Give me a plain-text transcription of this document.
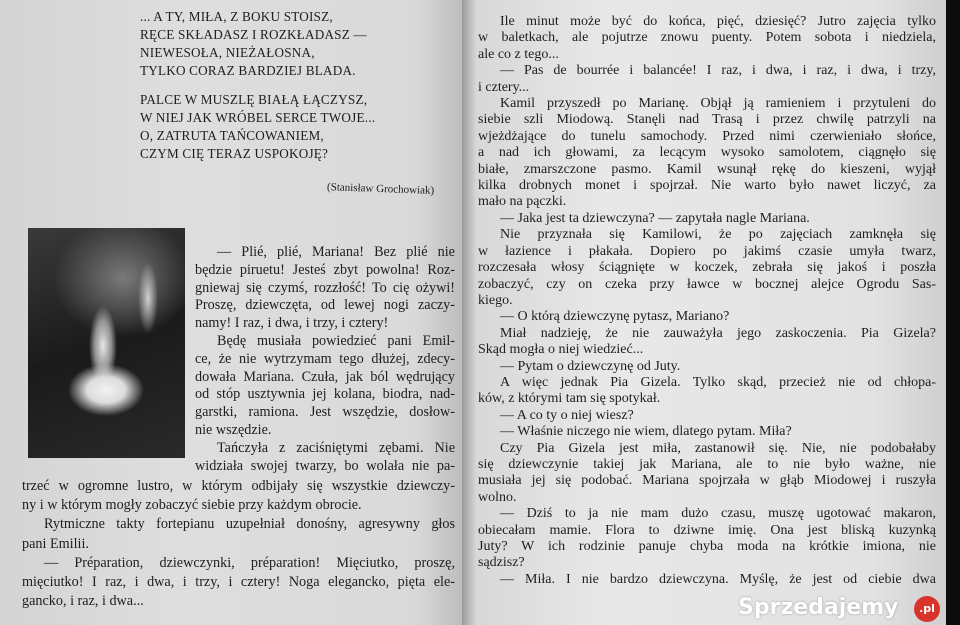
... A TY, MIŁA, Z BOKU STOISZ,
RĘCE SKŁADASZ I ROZKŁADASZ —
NIEWESOŁA, NIEŻAŁOSNA,
TYLKO CORAZ BARDZIEJ BLADA.
PALCE W MUSZLĘ BIAŁĄ ŁĄCZYSZ,
W NIEJ JAK WRÓBEL SERCE TWOJE...
O, ZATRUTA TAŃCOWANIEM,
CZYM CIĘ TERAZ USPOKOJĘ?
(Stanisław Grochowiak)
— Plié, plié, Mariana! Bez plié nie
będzie piruetu! Jesteś zbyt powolna! Roz-
gniewaj się czymś, rozzłość! To cię ożywi!
Proszę, dziewczęta, od lewej nogi zaczy-
namy! I raz, i dwa, i trzy, i cztery!
Będę musiała powiedzieć pani Emil-
ce, że nie wytrzymam tego dłużej, zdecy-
dowała Mariana. Czuła, jak ból wędrujący
od stóp usztywnia jej kolana, biodra, nad-
garstki, ramiona. Jest wszędzie, dosłow-
nie wszędzie.
Tańczyła z zaciśniętymi zębami. Nie
widziała swojej twarzy, bo wolała nie pa-
trzeć w ogromne lustro, w którym odbijały się wszystkie dziewczy-
ny i w którym mogły zobaczyć siebie przy każdym obrocie.
Rytmiczne takty fortepianu uzupełniał donośny, agresywny głos
pani Emilii.
— Préparation, dziewczynki, préparation! Mięciutko, proszę,
mięciutko! I raz, i dwa, i trzy, i cztery! Noga elegancko, pięta ele-
gancko, i raz, i dwa...
Ile minut może być do końca, pięć, dziesięć? Jutro zajęcia tylko
w baletkach, ale pojutrze znowu puenty. Potem sobota i niedziela,
ale co z tego...
— Pas de bourrée i balancée! I raz, i dwa, i raz, i dwa, i trzy,
i cztery...
Kamil przyszedł po Marianę. Objął ją ramieniem i przytuleni do
siebie szli Miodową. Stanęli nad Trasą i przez chwilę patrzyli na
wjeżdżające do tunelu samochody. Przed nimi czerwieniało słońce,
a nad ich głowami, za lecącym wysoko samolotem, ciągnęło się
białe, zmarszczone pasmo. Kamil wsunął rękę do kieszeni, wyjął
kilka drobnych monet i spojrzał. Nie warto było nawet liczyć, za
mało na pączki.
— Jaka jest ta dziewczyna? — zapytała nagle Mariana.
Nie przyznała się Kamilowi, że po zajęciach zamknęła się
w łazience i płakała. Dopiero po jakimś czasie umyła twarz,
rozczesała włosy ściągnięte w koczek, zebrała się jakoś i poszła
zobaczyć, czy on czeka przy ławce w bocznej alejce Ogrodu Sas-
kiego.
— O którą dziewczynę pytasz, Mariano?
Miał nadzieję, że nie zauważyła jego zaskoczenia. Pia Gizela?
Skąd mogła o niej wiedzieć...
— Pytam o dziewczynę od Juty.
A więc jednak Pia Gizela. Tylko skąd, przecież nie od chłopa-
ków, z którymi tam się spotykał.
— A co ty o niej wiesz?
— Właśnie niczego nie wiem, dlatego pytam. Miła?
Czy Pia Gizela jest miła, zastanowił się. Nie, nie podobałaby
się dziewczynie takiej jak Mariana, ale to nie było ważne, nie
musiała jej się podobać. Mariana spojrzała w głąb Miodowej i ruszyła
wolno.
— Dziś to ja nie mam dużo czasu, muszę ugotować makaron,
obiecałam mamie. Flora to dziwne imię. Ona jest bliską kuzynką
Juty? W ich rodzinie panuje chyba moda na krótkie imiona, nie
sądzisz?
— Miła. I nie bardzo dziewczyna. Myślę, że jest od ciebie dwa
Sprzedajemy	.pl
